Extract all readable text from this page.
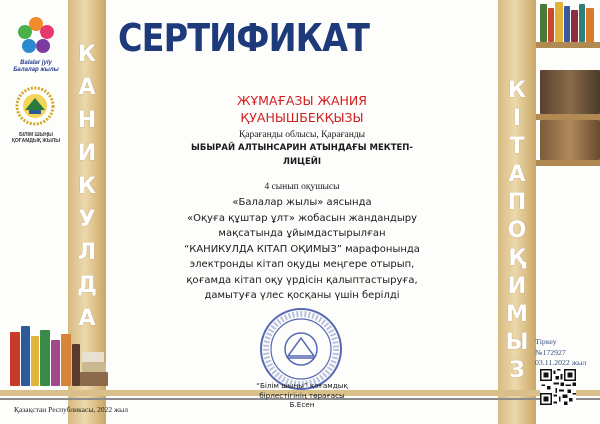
К
А
Н
И
К
У
Л
Д
А
К
І
Т
А
П
О
Қ
И
М
Ы
З
Balalar jyly
Балалар жылы
БІЛІМ ШЫҢЫ
ҚОҒАМДЫҚ ЖЫЛЫ
СЕРТИФИКАТ
ЖҰМАҒАЗЫ ЖАНИЯ
ҚУАНЫШБЕКҚЫЗЫ
Қарағанды облысы, Қарағанды
ЫБЫРАЙ АЛТЫНСАРИН АТЫНДАҒЫ МЕКТЕП-
ЛИЦЕЙІ
4 сынып оқушысы
«Балалар жылы» аясында
«Оқуға құштар ұлт» жобасын жандандыру
мақсатында ұйымдастырылған
“КАНИКУЛДА КІТАП ОҚИМЫЗ” марафонында
электронды кітап оқуды меңгере отырып,
қоғамда кітап оқу үрдісін қалыптастыруға,
дамытуға үлес қосқаны үшін берілді
“Білім шыңы” қоғамдық
бірлестігінің төрағасы
Б.Есен
Тіркеу
№172927
03.11.2022 жыл
Қазақстан Республикасы, 2022 жыл
